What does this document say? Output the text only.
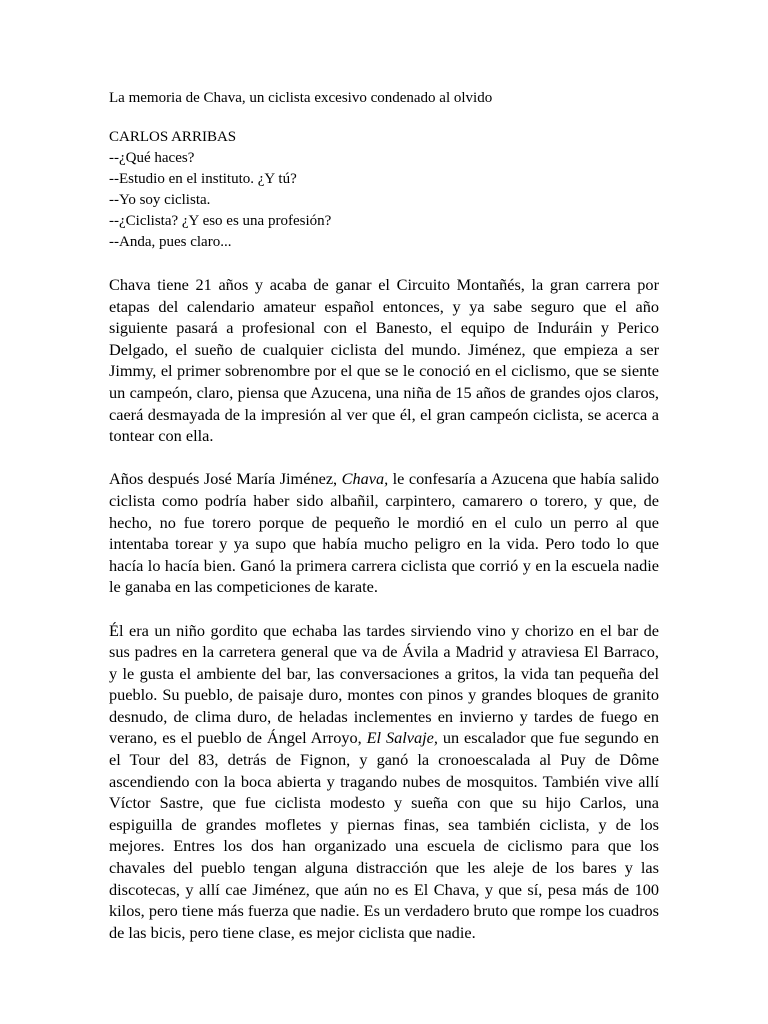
La memoria de Chava, un ciclista excesivo condenado al olvido
CARLOS ARRIBAS
--¿Qué haces?
--Estudio en el instituto. ¿Y tú?
--Yo soy ciclista.
--¿Ciclista? ¿Y eso es una profesión?
--Anda, pues claro...

Chava tiene 21 años y acaba de ganar el Circuito Montañés, la gran carrera por etapas del calendario amateur español entonces, y ya sabe seguro que el año siguiente pasará a profesional con el Banesto, el equipo de Induráin y Perico Delgado, el sueño de cualquier ciclista del mundo. Jiménez, que empieza a ser Jimmy, el primer sobrenombre por el que se le conoció en el ciclismo, que se siente un campeón, claro, piensa que Azucena, una niña de 15 años de grandes ojos claros, caerá desmayada de la impresión al ver que él, el gran campeón ciclista, se acerca a tontear con ella.

Años después José María Jiménez, Chava, le confesaría a Azucena que había salido ciclista como podría haber sido albañil, carpintero, camarero o torero, y que, de hecho, no fue torero porque de pequeño le mordió en el culo un perro al que intentaba torear y ya supo que había mucho peligro en la vida. Pero todo lo que hacía lo hacía bien. Ganó la primera carrera ciclista que corrió y en la escuela nadie le ganaba en las competiciones de karate.

Él era un niño gordito que echaba las tardes sirviendo vino y chorizo en el bar de sus padres en la carretera general que va de Ávila a Madrid y atraviesa El Barraco, y le gusta el ambiente del bar, las conversaciones a gritos, la vida tan pequeña del pueblo. Su pueblo, de paisaje duro, montes con pinos y grandes bloques de granito desnudo, de clima duro, de heladas inclementes en invierno y tardes de fuego en verano, es el pueblo de Ángel Arroyo, El Salvaje, un escalador que fue segundo en el Tour del 83, detrás de Fignon, y ganó la cronoescalada al Puy de Dôme ascendiendo con la boca abierta y tragando nubes de mosquitos. También vive allí Víctor Sastre, que fue ciclista modesto y sueña con que su hijo Carlos, una espiguilla de grandes mofletes y piernas finas, sea también ciclista, y de los mejores. Entres los dos han organizado una escuela de ciclismo para que los chavales del pueblo tengan alguna distracción que les aleje de los bares y las discotecas, y allí cae Jiménez, que aún no es El Chava, y que sí, pesa más de 100 kilos, pero tiene más fuerza que nadie. Es un verdadero bruto que rompe los cuadros de las bicis, pero tiene clase, es mejor ciclista que nadie.
